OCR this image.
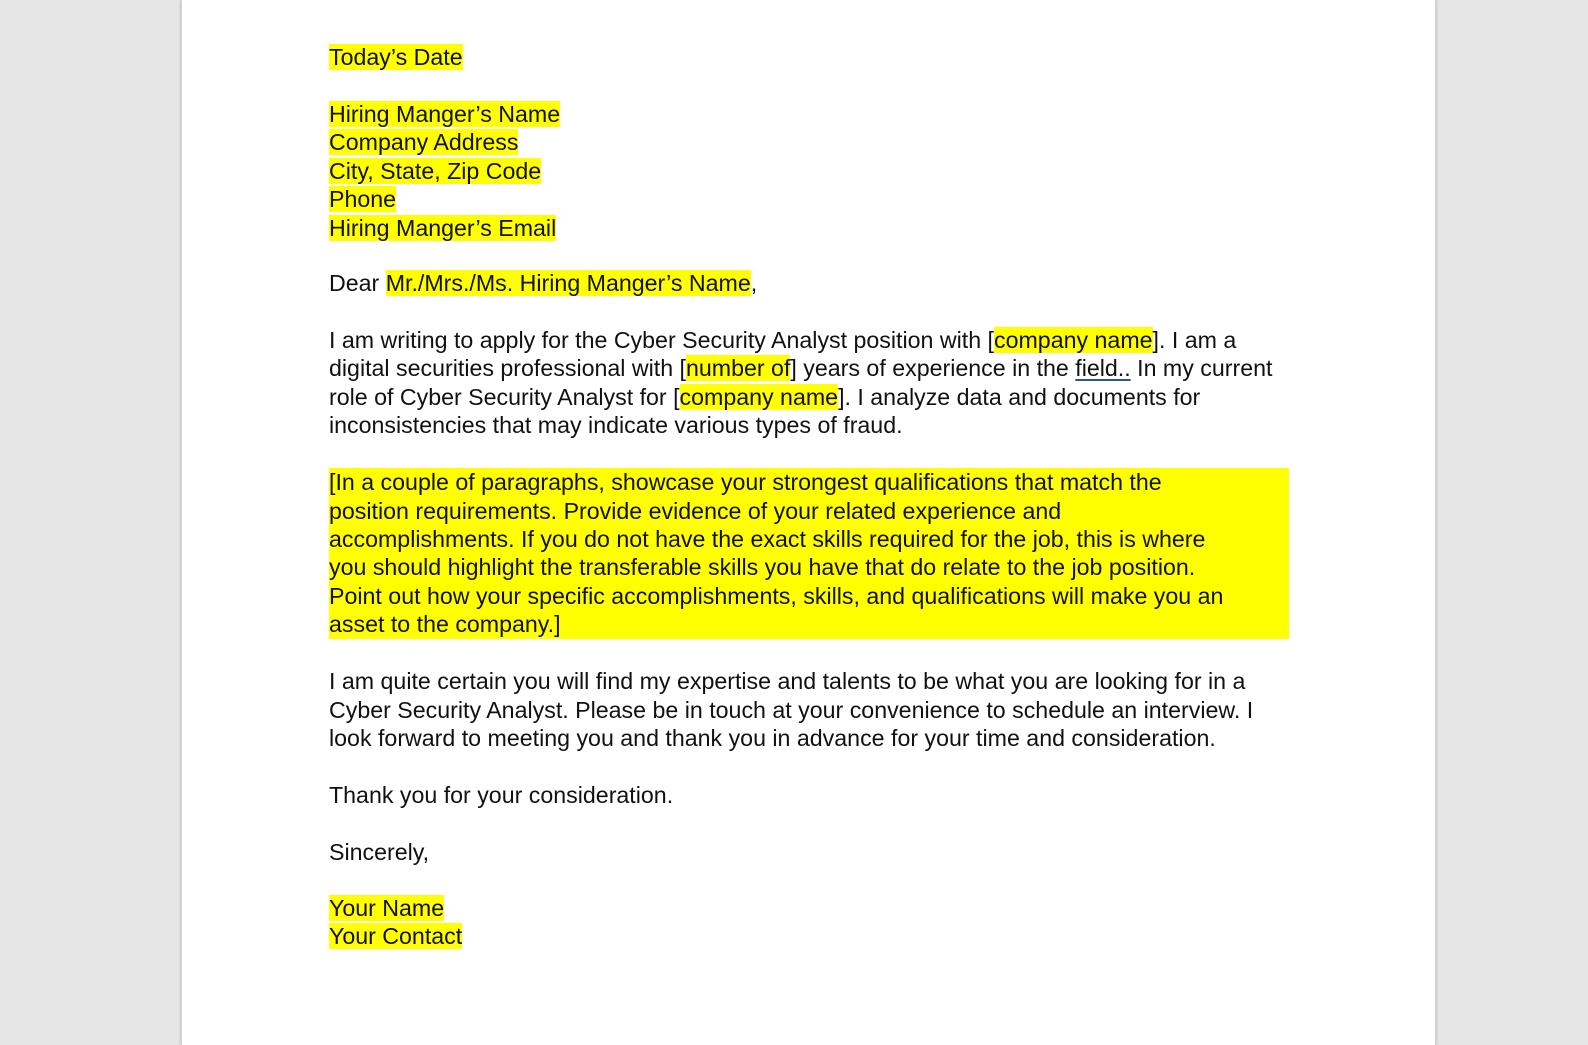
Today’s Date

Hiring Manger’s Name
Company Address
City, State, Zip Code
Phone
Hiring Manger’s Email

Dear Mr./Mrs./Ms. Hiring Manger’s Name,

I am writing to apply for the Cyber Security Analyst position with [company name]. I am a digital securities professional with [number of] years of experience in the field.. In my current role of Cyber Security Analyst for [company name]. I analyze data and documents for inconsistencies that may indicate various types of fraud.

[In a couple of paragraphs, showcase your strongest qualifications that match the
position requirements. Provide evidence of your related experience and
accomplishments. If you do not have the exact skills required for the job, this is where
you should highlight the transferable skills you have that do relate to the job position.
Point out how your specific accomplishments, skills, and qualifications will make you an
asset to the company.]

I am quite certain you will find my expertise and talents to be what you are looking for in a Cyber Security Analyst. Please be in touch at your convenience to schedule an interview. I look forward to meeting you and thank you in advance for your time and consideration.

Thank you for your consideration.

Sincerely,

Your Name
Your Contact
